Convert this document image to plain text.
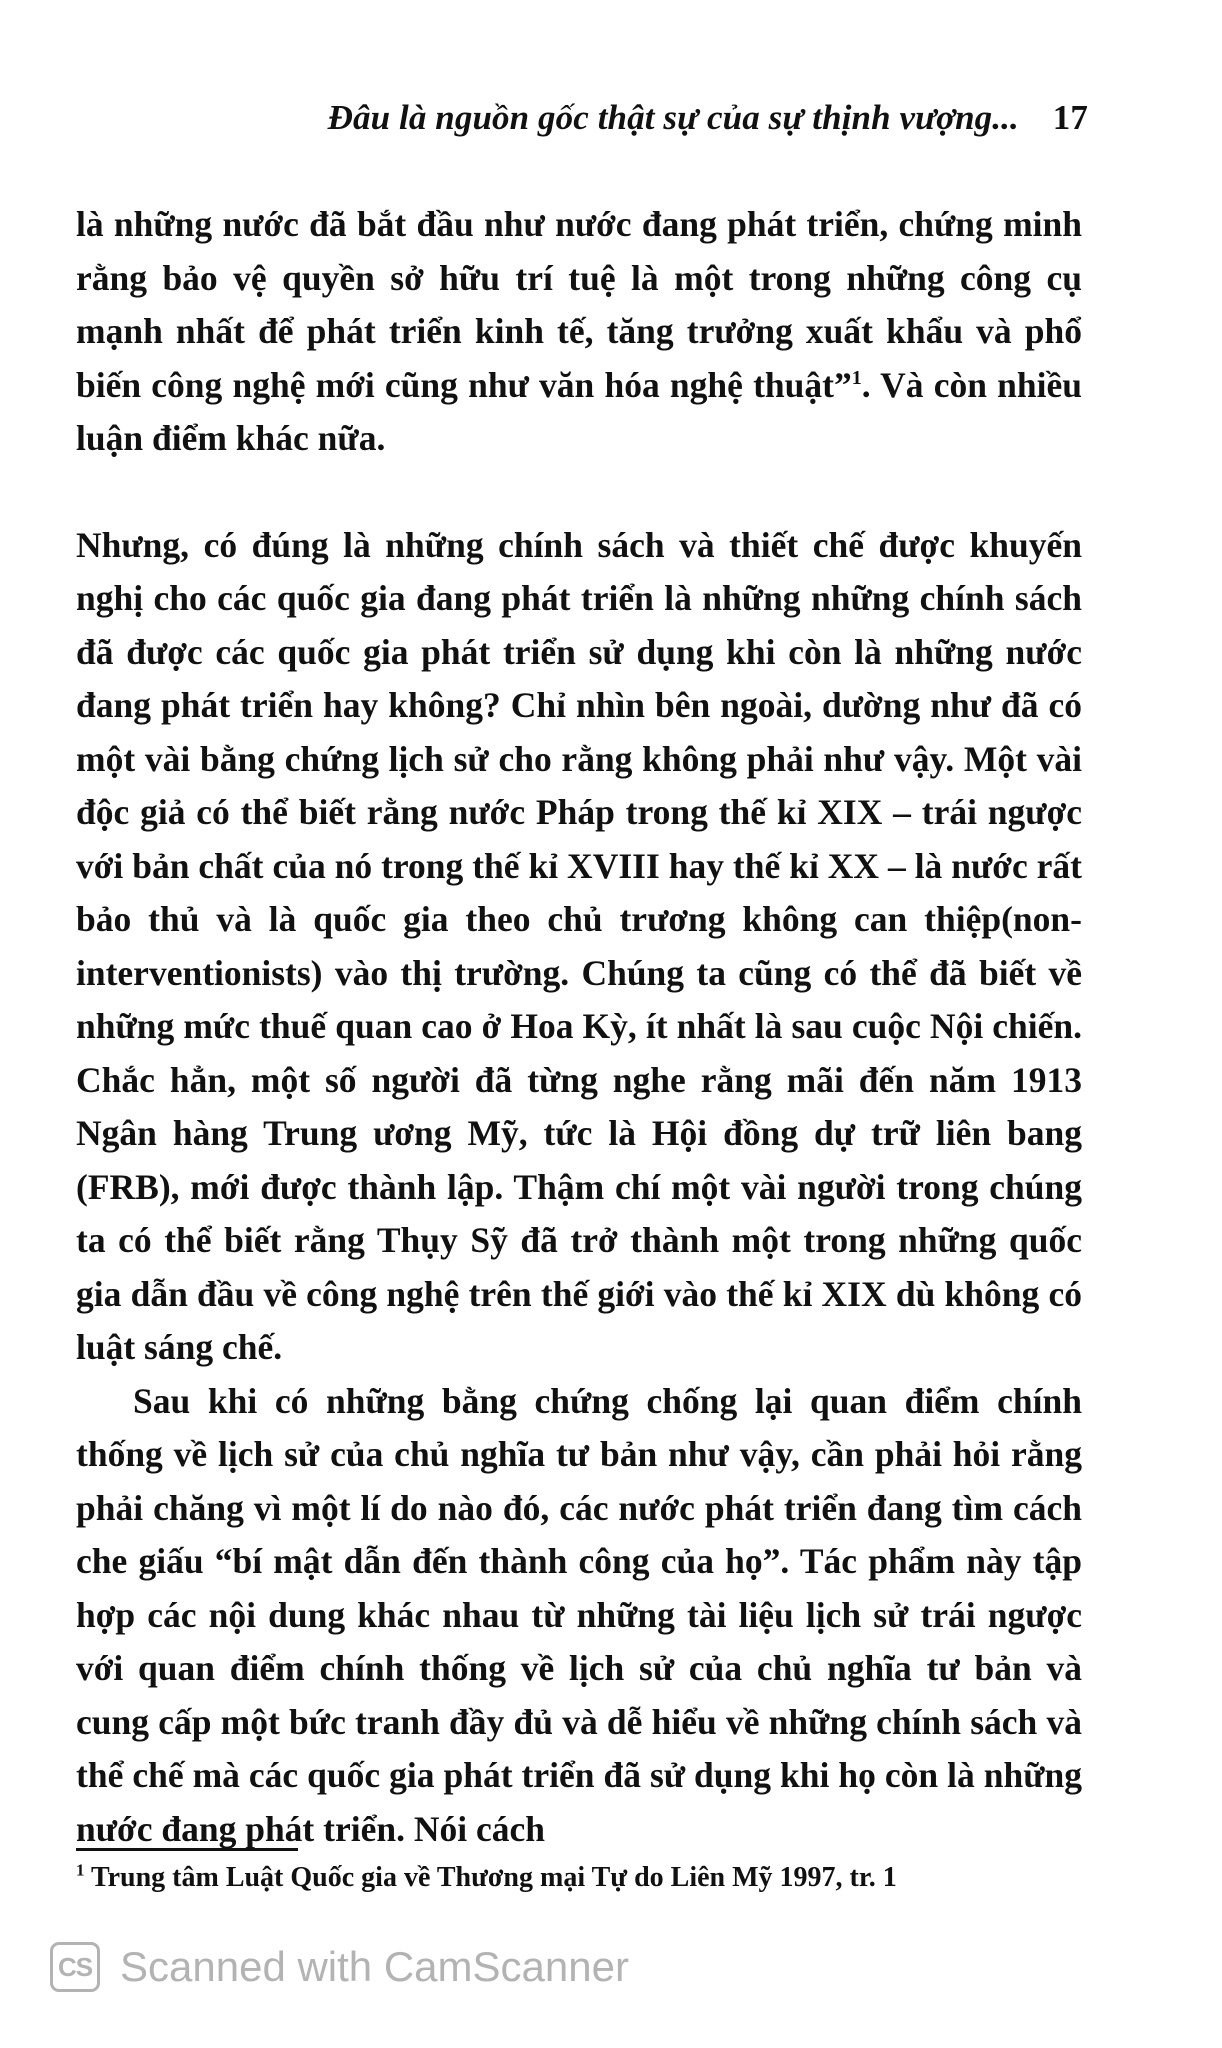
Đâu là nguồn gốc thật sự của sự thịnh vượng... 17

là những nước đã bắt đầu như nước đang phát triển, chứng minh rằng bảo vệ quyền sở hữu trí tuệ là một trong những công cụ mạnh nhất để phát triển kinh tế, tăng trưởng xuất khẩu và phổ biến công nghệ mới cũng như văn hóa nghệ thuật”$^1$. Và còn nhiều luận điểm khác nữa.

Nhưng, có đúng là những chính sách và thiết chế được khuyến nghị cho các quốc gia đang phát triển là những những chính sách đã được các quốc gia phát triển sử dụng khi còn là những nước đang phát triển hay không? Chỉ nhìn bên ngoài, dường như đã có một vài bằng chứng lịch sử cho rằng không phải như vậy. Một vài độc giả có thể biết rằng nước Pháp trong thế kỉ XIX – trái ngược với bản chất của nó trong thế kỉ XVIII hay thế kỉ XX – là nước rất bảo thủ và là quốc gia theo chủ trương không can thiệp(non-interventionists) vào thị trường. Chúng ta cũng có thể đã biết về những mức thuế quan cao ở Hoa Kỳ, ít nhất là sau cuộc Nội chiến. Chắc hẳn, một số người đã từng nghe rằng mãi đến năm 1913 Ngân hàng Trung ương Mỹ, tức là Hội đồng dự trữ liên bang (FRB), mới được thành lập. Thậm chí một vài người trong chúng ta có thể biết rằng Thụy Sỹ đã trở thành một trong những quốc gia dẫn đầu về công nghệ trên thế giới vào thế kỉ XIX dù không có luật sáng chế.

Sau khi có những bằng chứng chống lại quan điểm chính thống về lịch sử của chủ nghĩa tư bản như vậy, cần phải hỏi rằng phải chăng vì một lí do nào đó, các nước phát triển đang tìm cách che giấu “bí mật dẫn đến thành công của họ”. Tác phẩm này tập hợp các nội dung khác nhau từ những tài liệu lịch sử trái ngược với quan điểm chính thống về lịch sử của chủ nghĩa tư bản và cung cấp một bức tranh đầy đủ và dễ hiểu về những chính sách và thể chế mà các quốc gia phát triển đã sử dụng khi họ còn là những nước đang phát triển. Nói cách

$^1$ Trung tâm Luật Quốc gia về Thương mại Tự do Liên Mỹ 1997, tr. 1
CS Scanned with CamScanner
